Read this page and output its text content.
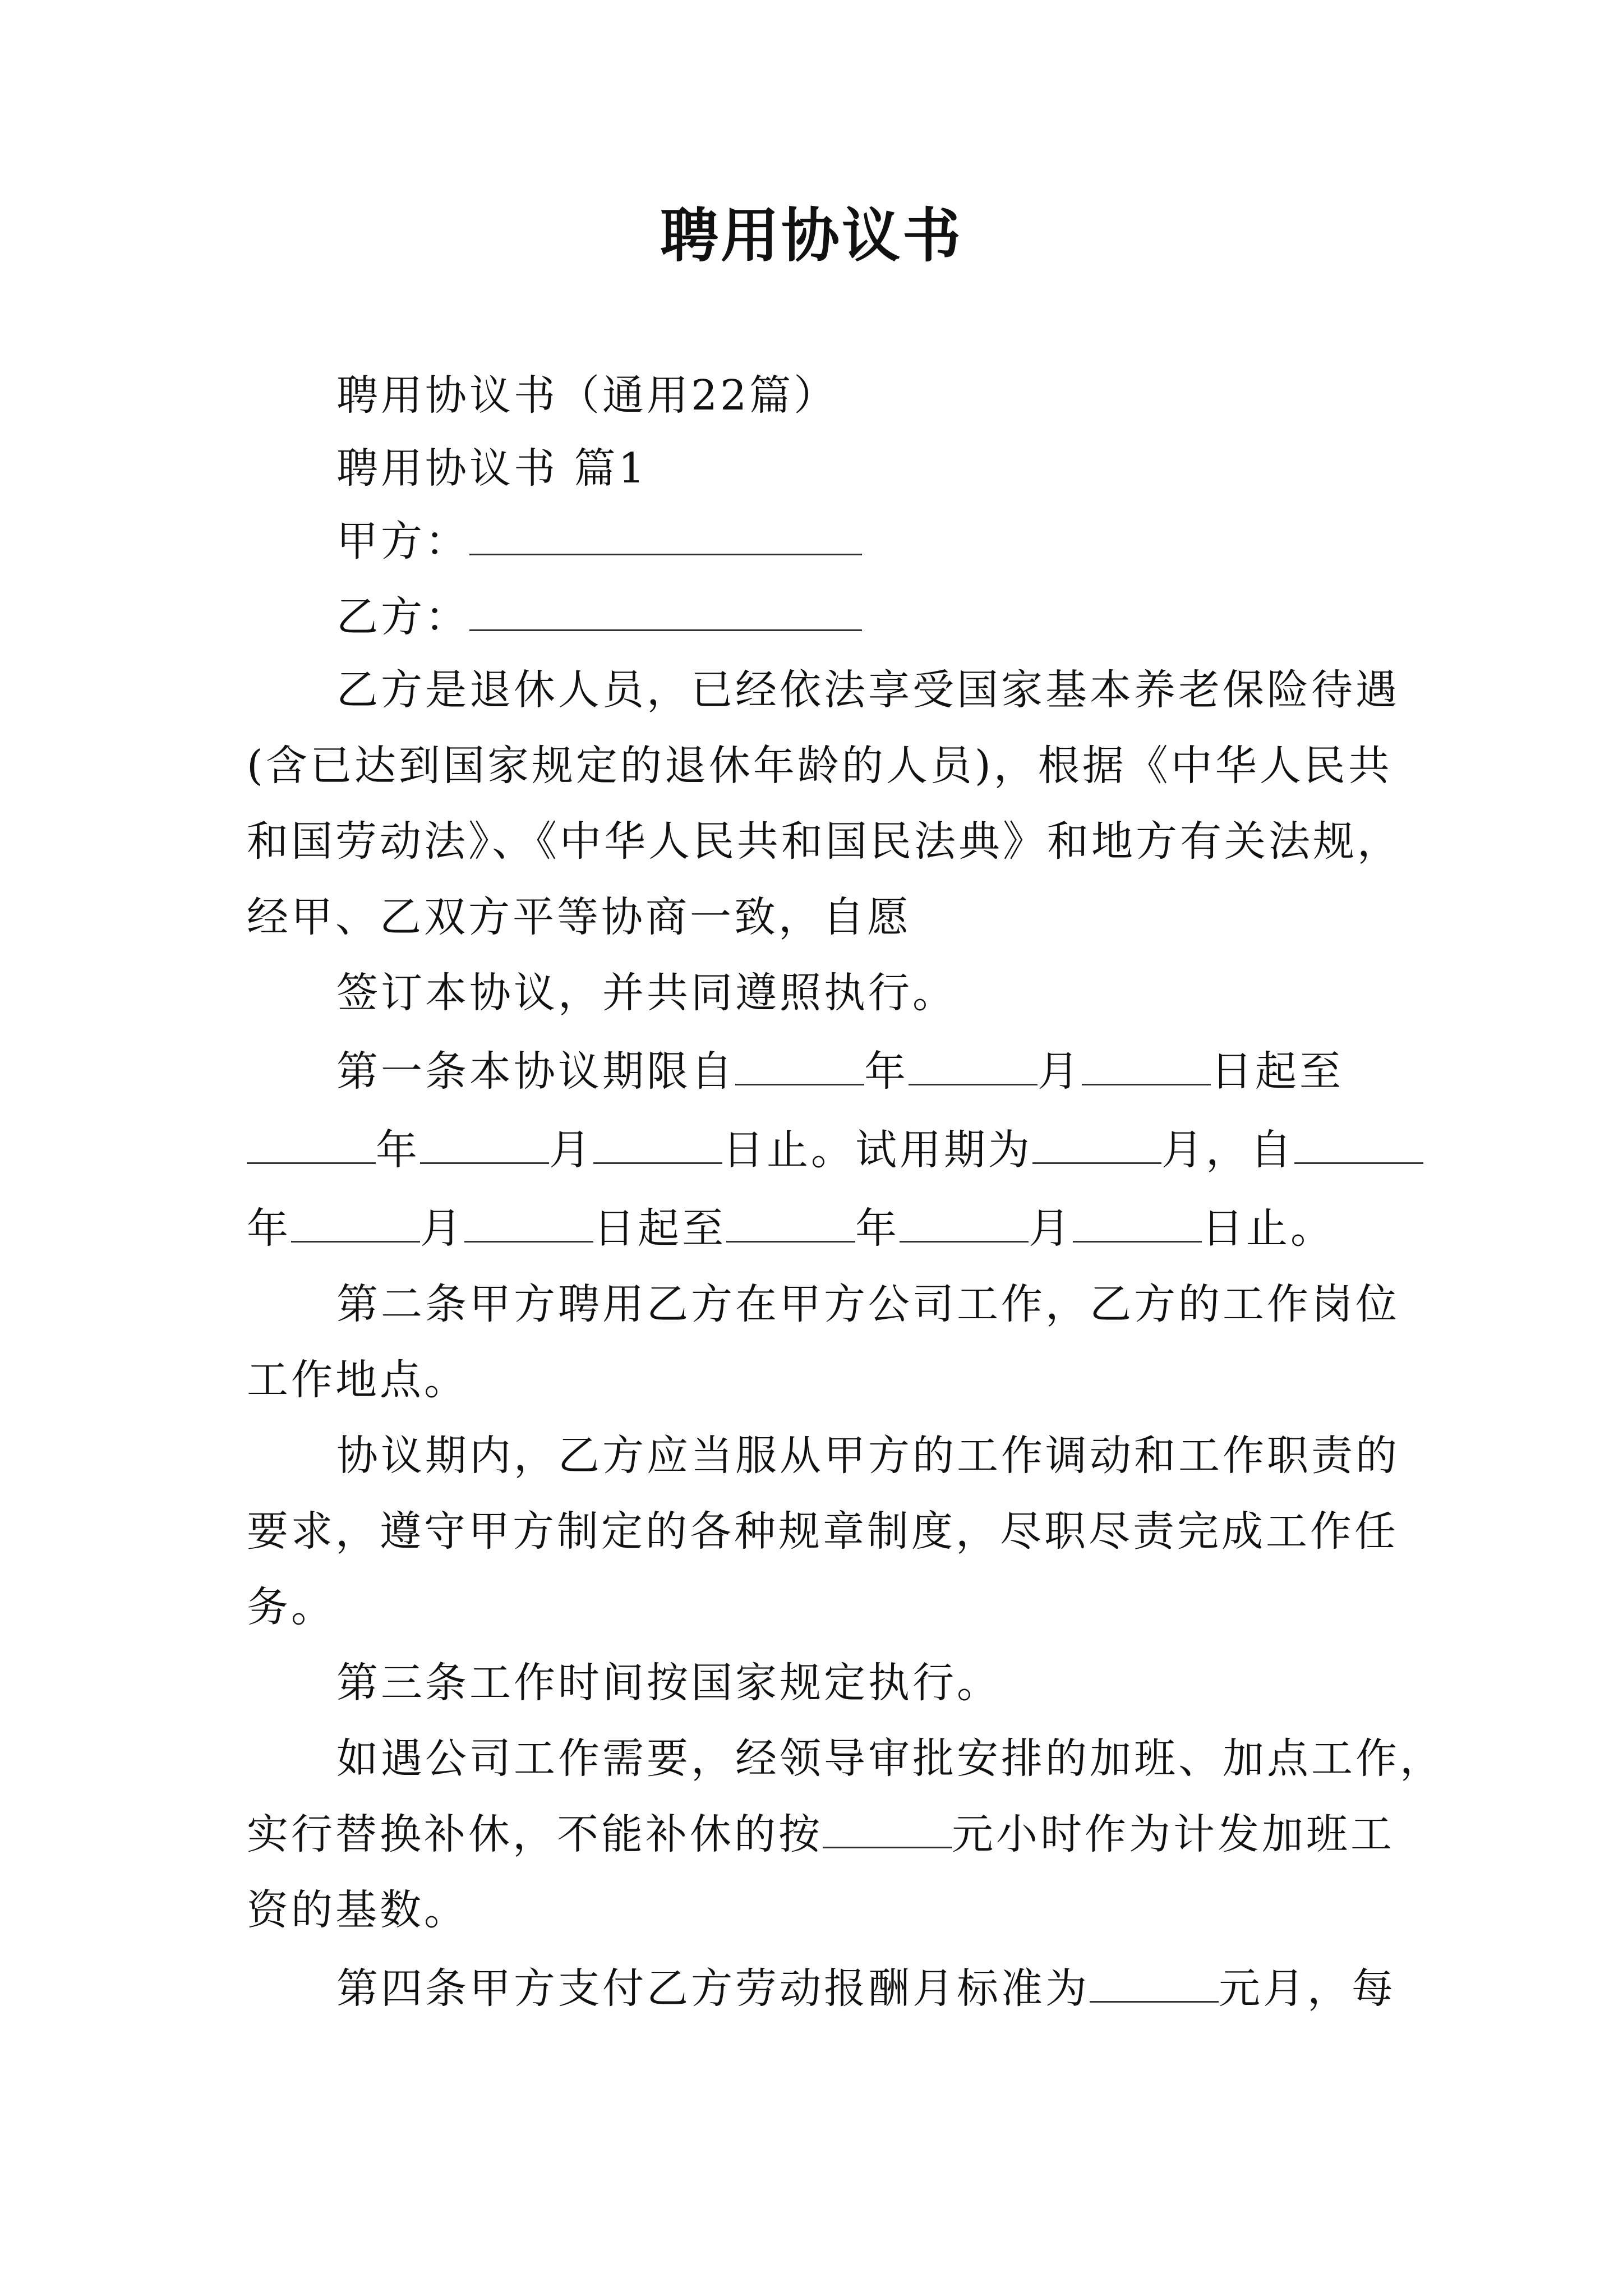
聘用协议书
聘用协议书（通用22篇）
聘用协议书 篇1
甲方：
乙方：
乙方是退休人员，已经依法享受国家基本养老保险待遇
(含已达到国家规定的退休年龄的人员)，根据《中华人民共
和国劳动法》、《中华人民共和国民法典》和地方有关法规，
经甲、乙双方平等协商一致，自愿
签订本协议，并共同遵照执行。
第一条本协议期限自	年	月	日起至
年	月	日止。试用期为	月，自
年	月	日起至	年	月	日止。
第二条甲方聘用乙方在甲方公司工作，乙方的工作岗位
工作地点。
协议期内，乙方应当服从甲方的工作调动和工作职责的
要求，遵守甲方制定的各种规章制度，尽职尽责完成工作任
务。
第三条工作时间按国家规定执行。
如遇公司工作需要，经领导审批安排的加班、加点工作，
实行替换补休，不能补休的按	元小时作为计发加班工
资的基数。
第四条甲方支付乙方劳动报酬月标准为	元月，每
